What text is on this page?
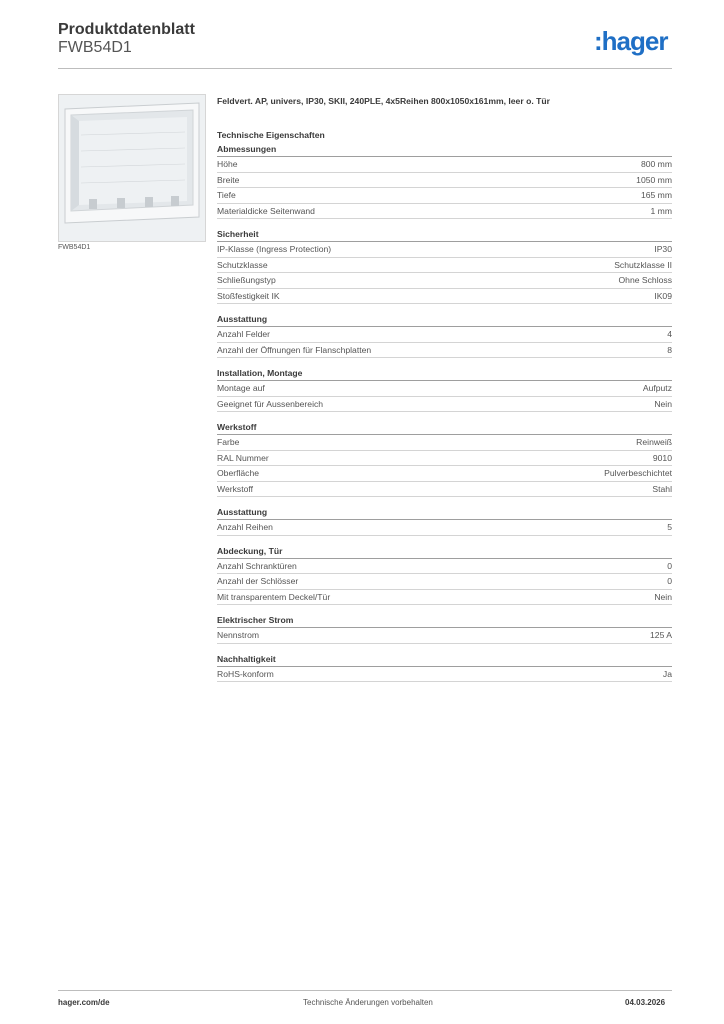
Produktdatenblatt
FWB54D1	:hager
FWB54D1
Feldvert. AP, univers, IP30, SKII, 240PLE, 4x5Reihen 800x1050x161mm, leer o. Tür
Technische Eigenschaften
Abmessungen
Höhe	800 mm
Breite	1050 mm
Tiefe	165 mm
Materialdicke Seitenwand	1 mm
Sicherheit
IP-Klasse (Ingress Protection)	IP30
Schutzklasse	Schutzklasse II
Schließungstyp	Ohne Schloss
Stoßfestigkeit IK	IK09
Ausstattung
Anzahl Felder	4
Anzahl der Öffnungen für Flanschplatten	8
Installation, Montage
Montage auf	Aufputz
Geeignet für Aussenbereich	Nein
Werkstoff
Farbe	Reinweiß
RAL Nummer	9010
Oberfläche	Pulverbeschichtet
Werkstoff	Stahl
Ausstattung
Anzahl Reihen	5
Abdeckung, Tür
Anzahl Schranktüren	0
Anzahl der Schlösser	0
Mit transparentem Deckel/Tür	Nein
Elektrischer Strom
Nennstrom	125 A
Nachhaltigkeit
RoHS-konform	Ja
hager.com/de	Technische Änderungen vorbehalten	04.03.2026
